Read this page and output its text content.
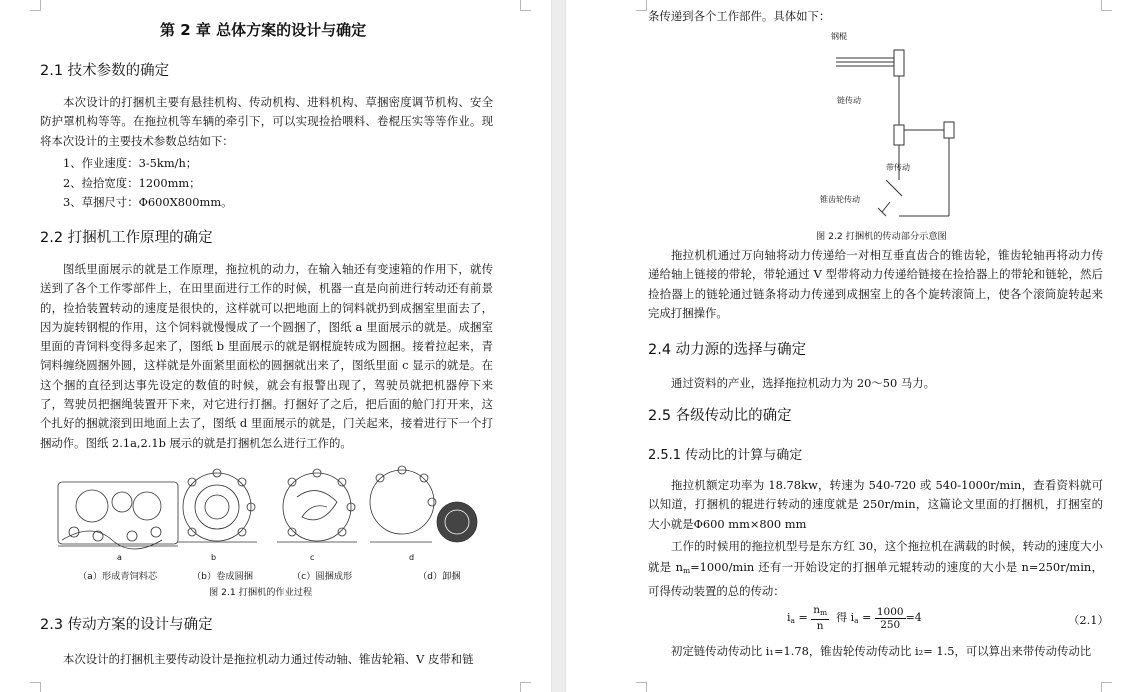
第 2 章 总体方案的设计与确定
2.1 技术参数的确定
本次设计的打捆机主要有悬挂机构、传动机构、进料机构、草捆密度调节机构、安全防护罩机构等等。在拖拉机等车辆的牵引下，可以实现捡拾喂料、卷棍压实等等作业。现将本次设计的主要技术参数总结如下：
1、作业速度：3-5km/h；
2、捡拾宽度：1200mm；
3、草捆尺寸：Φ600X800mm。
2.2 打捆机工作原理的确定
图纸里面展示的就是工作原理，拖拉机的动力，在输入轴还有变速箱的作用下，就传送到了各个工作零部件上，在田里面进行工作的时候，机器一直是向前进行转动还有前景的，捡拾装置转动的速度是很快的，这样就可以把地面上的饲料就扔到成捆室里面去了，因为旋转钢棍的作用，这个饲料就慢慢成了一个圆捆了，图纸 a 里面展示的就是。成捆室里面的青饲料变得多起来了，图纸 b 里面展示的就是钢棍旋转成为圆捆。接着拉起来，青饲料缠绕圆捆外圆，这样就是外面紧里面松的圆捆就出来了，图纸里面 c 显示的就是。在这个捆的直径到达事先设定的数值的时候，就会有报警出现了，驾驶员就把机器停下来了，驾驶员把捆绳装置开下来，对它进行打捆。打捆好了之后，把后面的舱门打开来，这个扎好的捆就滚到田地面上去了，图纸 d 里面展示的就是，门关起来，接着进行下一个打捆动作。图纸 2.1a,2.1b 展示的就是打捆机怎么进行工作的。
a	b	c	d
（a）形成青饲料芯	（b）卷成圆捆	（c）圆捆成形	（d）卸捆
图 2.1 打捆机的作业过程
2.3 传动方案的设计与确定
本次设计的打捆机主要传动设计是拖拉机动力通过传动轴、锥齿轮箱、V 皮带和链
条传递到各个工作部件。具体如下：
钢棍
链传动
带传动
锥齿轮传动
图 2.2 打捆机的传动部分示意图
拖拉机机通过万向轴将动力传递给一对相互垂直齿合的锥齿轮，锥齿轮轴再将动力传递给轴上链接的带轮，带轮通过 V 型带将动力传递给链接在捡拾器上的带轮和链轮，然后捡拾器上的链轮通过链条将动力传递到成捆室上的各个旋转滚筒上，使各个滚筒旋转起来完成打捆操作。
2.4 动力源的选择与确定
通过资料的产业，选择拖拉机动力为 20～50 马力。
2.5 各级传动比的确定
2.5.1 传动比的计算与确定
拖拉机额定功率为 18.78kw，转速为 540-720 或 540-1000r/min，查看资料就可以知道，打捆机的辊进行转动的速度就是 250r/min，这篇论文里面的打捆机，打捆室的大小就是Φ600 mm×800 mm
工作的时候用的拖拉机型号是东方红 30，这个拖拉机在满载的时候，转动的速度大小就是 $n_m=1000/\min$ 还有一开始设定的打捆单元辊转动的速度的大小是 n=250r/min，可得传动装置的总的传动：
$i_a = \frac{n_m}{n}$ 得 $i_a = \frac{1000}{250} =4$	（2.1）
初定链传动传动比 i₁=1.78，锥齿轮传动传动比 i₂= 1.5，可以算出来带传动传动比
